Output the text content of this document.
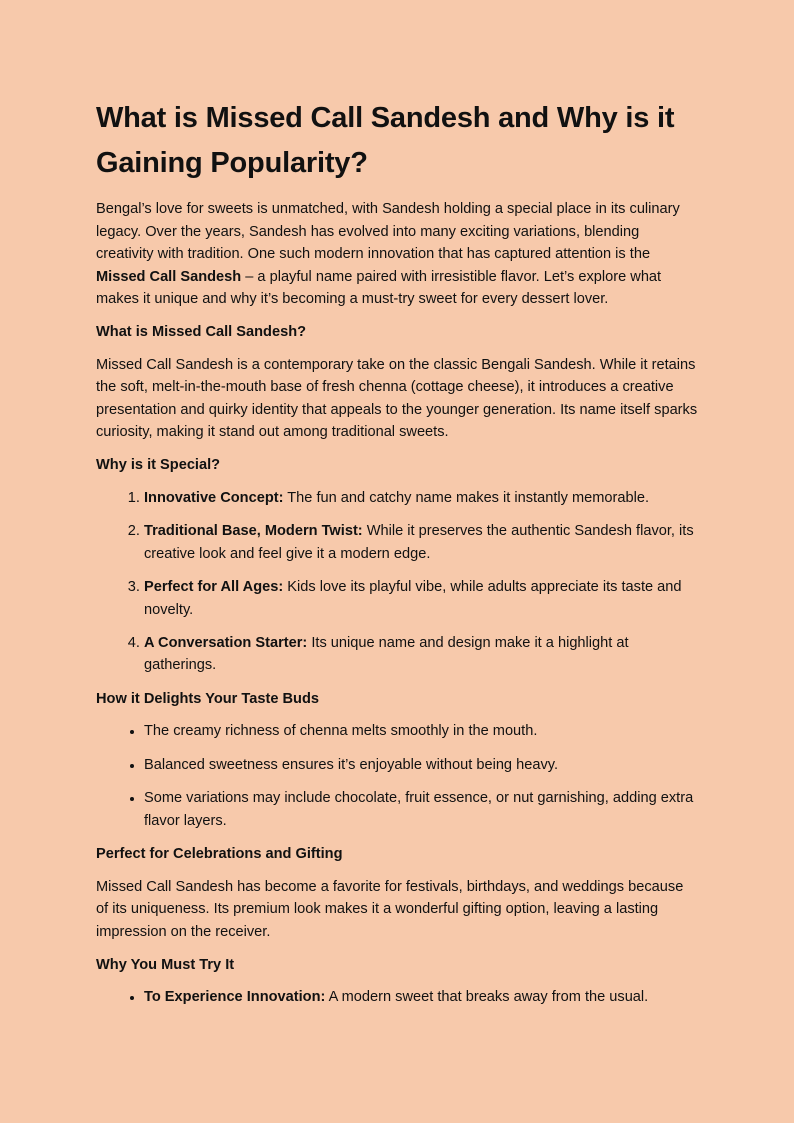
What is Missed Call Sandesh and Why is it Gaining Popularity?

Bengal’s love for sweets is unmatched, with Sandesh holding a special place in its culinary legacy. Over the years, Sandesh has evolved into many exciting variations, blending creativity with tradition. One such modern innovation that has captured attention is the Missed Call Sandesh – a playful name paired with irresistible flavor. Let’s explore what makes it unique and why it’s becoming a must-try sweet for every dessert lover.

What is Missed Call Sandesh?

Missed Call Sandesh is a contemporary take on the classic Bengali Sandesh. While it retains the soft, melt-in-the-mouth base of fresh chenna (cottage cheese), it introduces a creative presentation and quirky identity that appeals to the younger generation. Its name itself sparks curiosity, making it stand out among traditional sweets.

Why is it Special?
1. Innovative Concept: The fun and catchy name makes it instantly memorable.
2. Traditional Base, Modern Twist: While it preserves the authentic Sandesh flavor, its creative look and feel give it a modern edge.
3. Perfect for All Ages: Kids love its playful vibe, while adults appreciate its taste and novelty.
4. A Conversation Starter: Its unique name and design make it a highlight at gatherings.
How it Delights Your Taste Buds
• The creamy richness of chenna melts smoothly in the mouth.
• Balanced sweetness ensures it’s enjoyable without being heavy.
• Some variations may include chocolate, fruit essence, or nut garnishing, adding extra flavor layers.
Perfect for Celebrations and Gifting

Missed Call Sandesh has become a favorite for festivals, birthdays, and weddings because of its uniqueness. Its premium look makes it a wonderful gifting option, leaving a lasting impression on the receiver.

Why You Must Try It
• To Experience Innovation: A modern sweet that breaks away from the usual.
